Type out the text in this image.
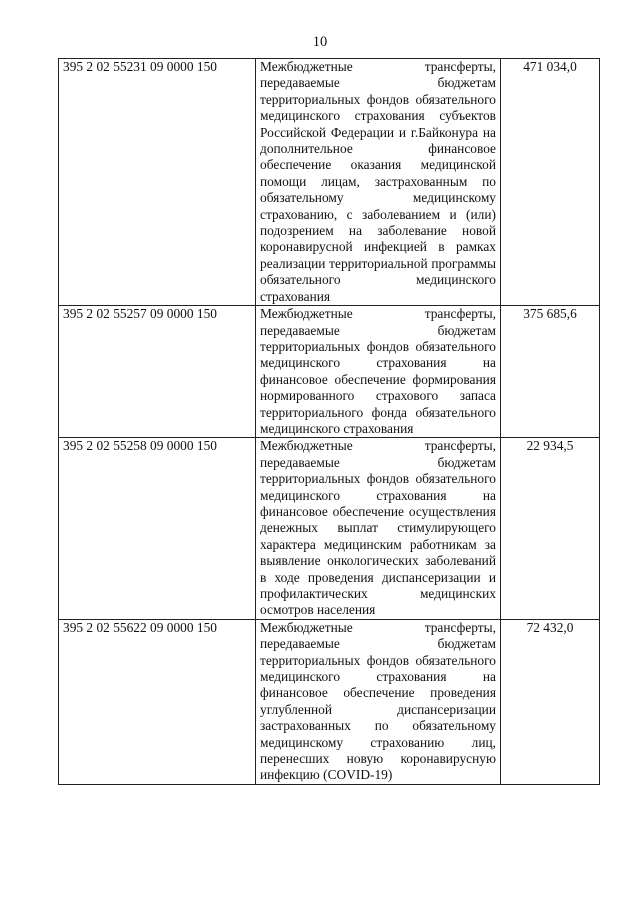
10
395 2 02 55231 09 0000 150	Межбюджетные трансферты, передаваемые бюджетам территориальных фондов обязательного медицинского страхования субъектов Российской Федерации и г.Байконура на дополнительное финансовое обеспечение оказания медицинской помощи лицам, застрахованным по обязательному медицинскому страхованию, с заболеванием и (или) подозрением на заболевание новой коронавирусной инфекцией в рамках реализации территориальной программы обязательного медицинского страхования	471 034,0
395 2 02 55257 09 0000 150	Межбюджетные трансферты, передаваемые бюджетам территориальных фондов обязательного медицинского страхования на финансовое обеспечение формирования нормированного страхового запаса территориального фонда обязательного медицинского страхования	375 685,6
395 2 02 55258 09 0000 150	Межбюджетные трансферты, передаваемые бюджетам территориальных фондов обязательного медицинского страхования на финансовое обеспечение осуществления денежных выплат стимулирующего характера медицинским работникам за выявление онкологических заболеваний в ходе проведения диспансеризации и профилактических медицинских осмотров населения	22 934,5
395 2 02 55622 09 0000 150	Межбюджетные трансферты, передаваемые бюджетам территориальных фондов обязательного медицинского страхования на финансовое обеспечение проведения углубленной диспансеризации застрахованных по обязательному медицинскому страхованию лиц, перенесших новую коронавирусную инфекцию (COVID-19)	72 432,0
